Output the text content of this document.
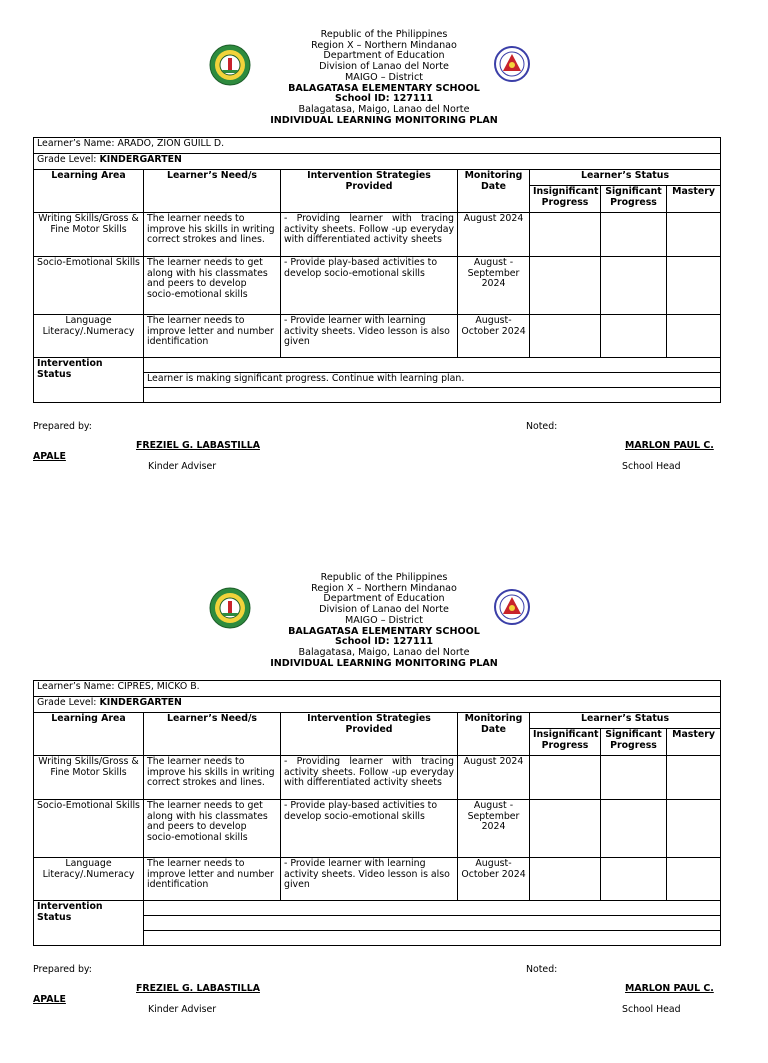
Republic of the Philippines
Region X – Northern Mindanao
Department of Education
Division of Lanao del Norte
MAIGO – District
BALAGATASA ELEMENTARY SCHOOL
School ID: 127111
Balagatasa, Maigo, Lanao del Norte
INDIVIDUAL LEARNING MONITORING PLAN
Learner’s Name: ARADO, ZION GUILL D.						
Grade Level: KINDERGARTEN						
Learning Area	Learner’s Need/s	Intervention Strategies Provided	Monitoring Date	Learner’s Status		
				Insignificant Progress	Significant Progress	Mastery
Writing Skills/Gross & Fine Motor Skills	The learner needs to improve his skills in writing correct strokes and lines.	- Providing learner with tracing activity sheets. Follow -up everyday with differentiated activity sheets	August 2024			
Socio-Emotional Skills	The learner needs to get along with his classmates and peers to develop socio-emotional skills	- Provide play-based activities to develop socio-emotional skills	August - September 2024			
Language Literacy/.Numeracy	The learner needs to improve letter and number identification	- Provide learner with learning activity sheets. Video lesson is also given	August- October 2024			
Intervention Status						
	Learner is making significant progress. Continue with learning plan.					

Prepared by:	Noted:
FREZIEL G. LABASTILLA	MARLON PAUL C.
APALE
Kinder Adviser	School Head
Republic of the Philippines
Region X – Northern Mindanao
Department of Education
Division of Lanao del Norte
MAIGO – District
BALAGATASA ELEMENTARY SCHOOL
School ID: 127111
Balagatasa, Maigo, Lanao del Norte
INDIVIDUAL LEARNING MONITORING PLAN
Learner’s Name: CIPRES, MICKO B.						
Grade Level: KINDERGARTEN						
Learning Area	Learner’s Need/s	Intervention Strategies Provided	Monitoring Date	Learner’s Status		
				Insignificant Progress	Significant Progress	Mastery
Writing Skills/Gross & Fine Motor Skills	The learner needs to improve his skills in writing correct strokes and lines.	- Providing learner with tracing activity sheets. Follow -up everyday with differentiated activity sheets	August 2024			
Socio-Emotional Skills	The learner needs to get along with his classmates and peers to develop socio-emotional skills	- Provide play-based activities to develop socio-emotional skills	August - September 2024			
Language Literacy/.Numeracy	The learner needs to improve letter and number identification	- Provide learner with learning activity sheets. Video lesson is also given	August- October 2024			
Intervention Status						

Prepared by:	Noted:
FREZIEL G. LABASTILLA	MARLON PAUL C.
APALE
Kinder Adviser	School Head
